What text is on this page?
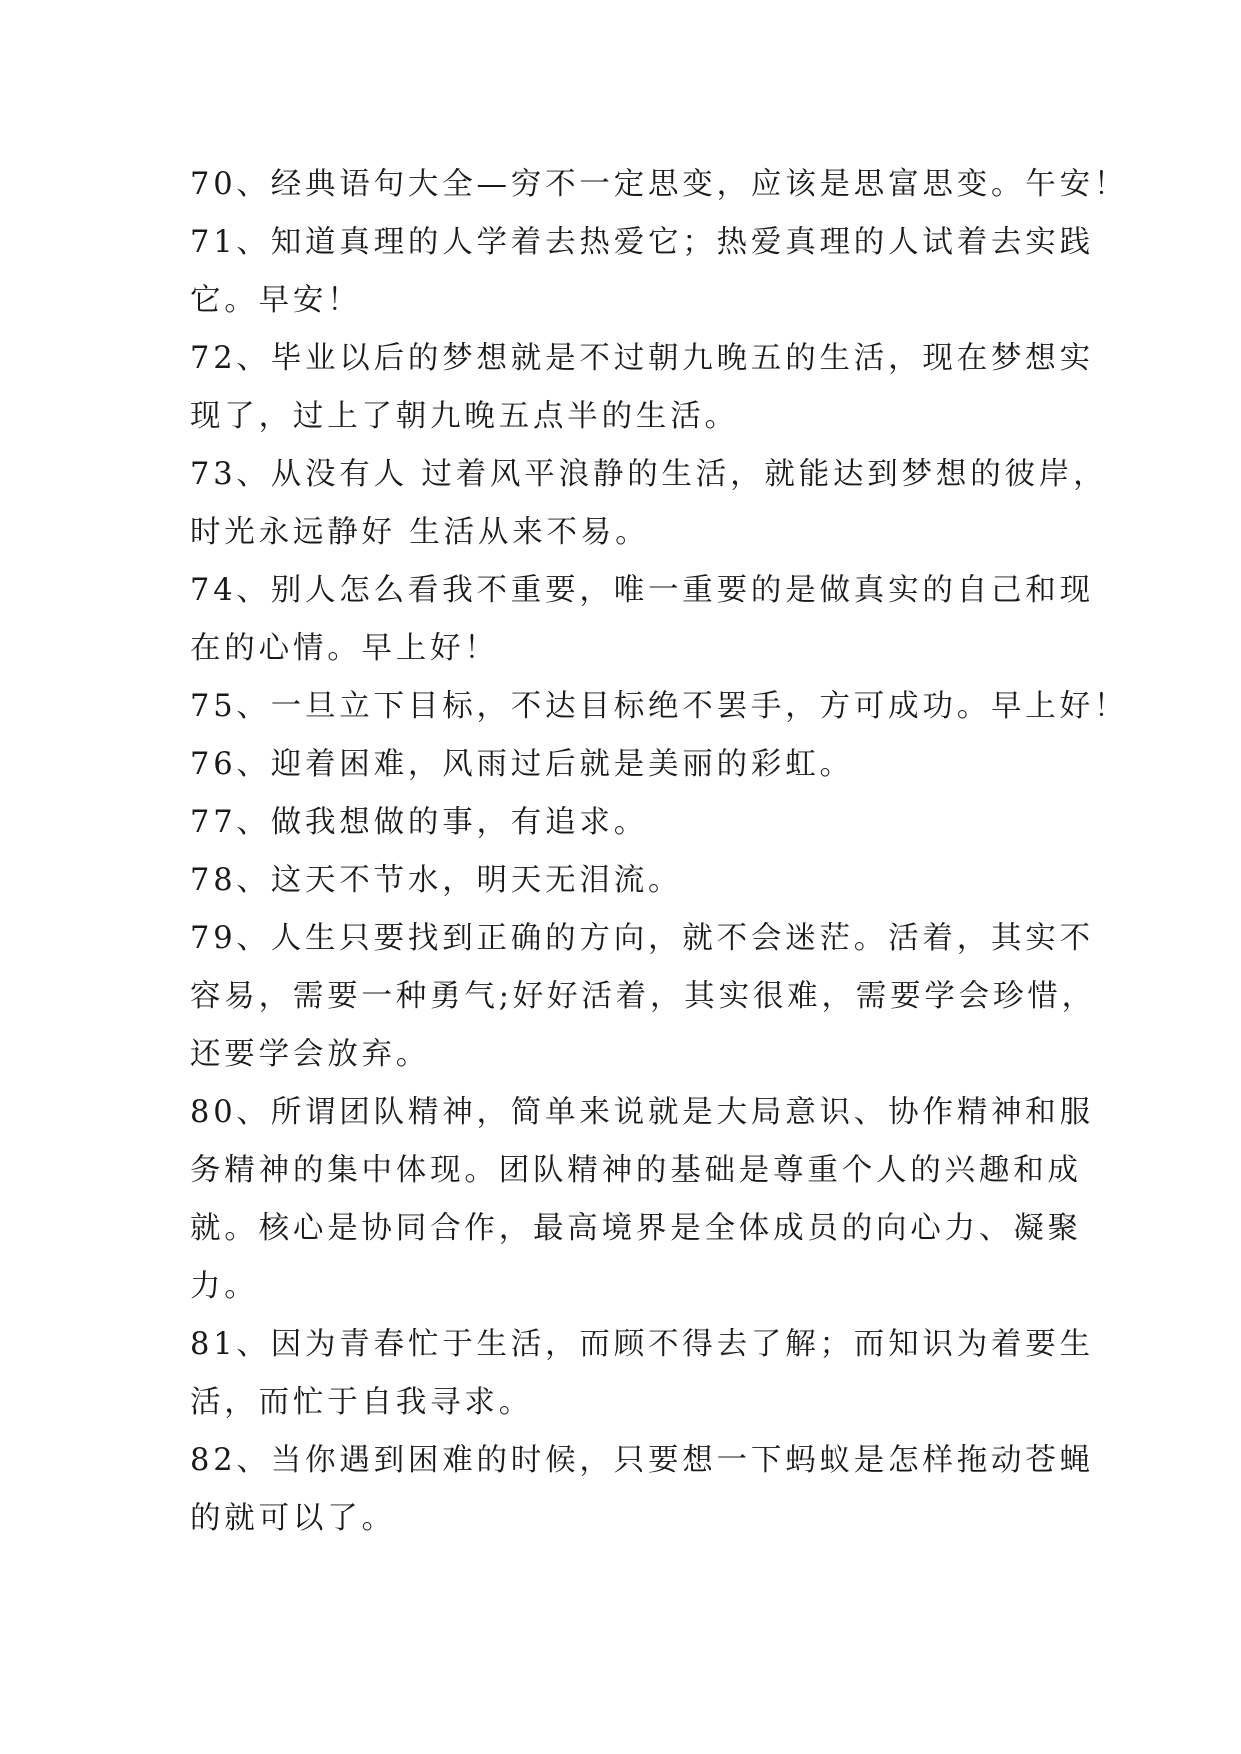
70、经典语句大全—穷不一定思变，应该是思富思变。午安！
71、知道真理的人学着去热爱它；热爱真理的人试着去实践
它。早安！
72、毕业以后的梦想就是不过朝九晚五的生活，现在梦想实
现了，过上了朝九晚五点半的生活。
73、从没有人 过着风平浪静的生活，就能达到梦想的彼岸，
时光永远静好 生活从来不易。
74、别人怎么看我不重要，唯一重要的是做真实的自己和现
在的心情。早上好！
75、一旦立下目标，不达目标绝不罢手，方可成功。早上好！
76、迎着困难，风雨过后就是美丽的彩虹。
77、做我想做的事，有追求。
78、这天不节水，明天无泪流。
79、人生只要找到正确的方向，就不会迷茫。活着，其实不
容易，需要一种勇气;好好活着，其实很难，需要学会珍惜，
还要学会放弃。
80、所谓团队精神，简单来说就是大局意识、协作精神和服
务精神的集中体现。团队精神的基础是尊重个人的兴趣和成
就。核心是协同合作，最高境界是全体成员的向心力、凝聚
力。
81、因为青春忙于生活，而顾不得去了解；而知识为着要生
活，而忙于自我寻求。
82、当你遇到困难的时候，只要想一下蚂蚁是怎样拖动苍蝇
的就可以了。
